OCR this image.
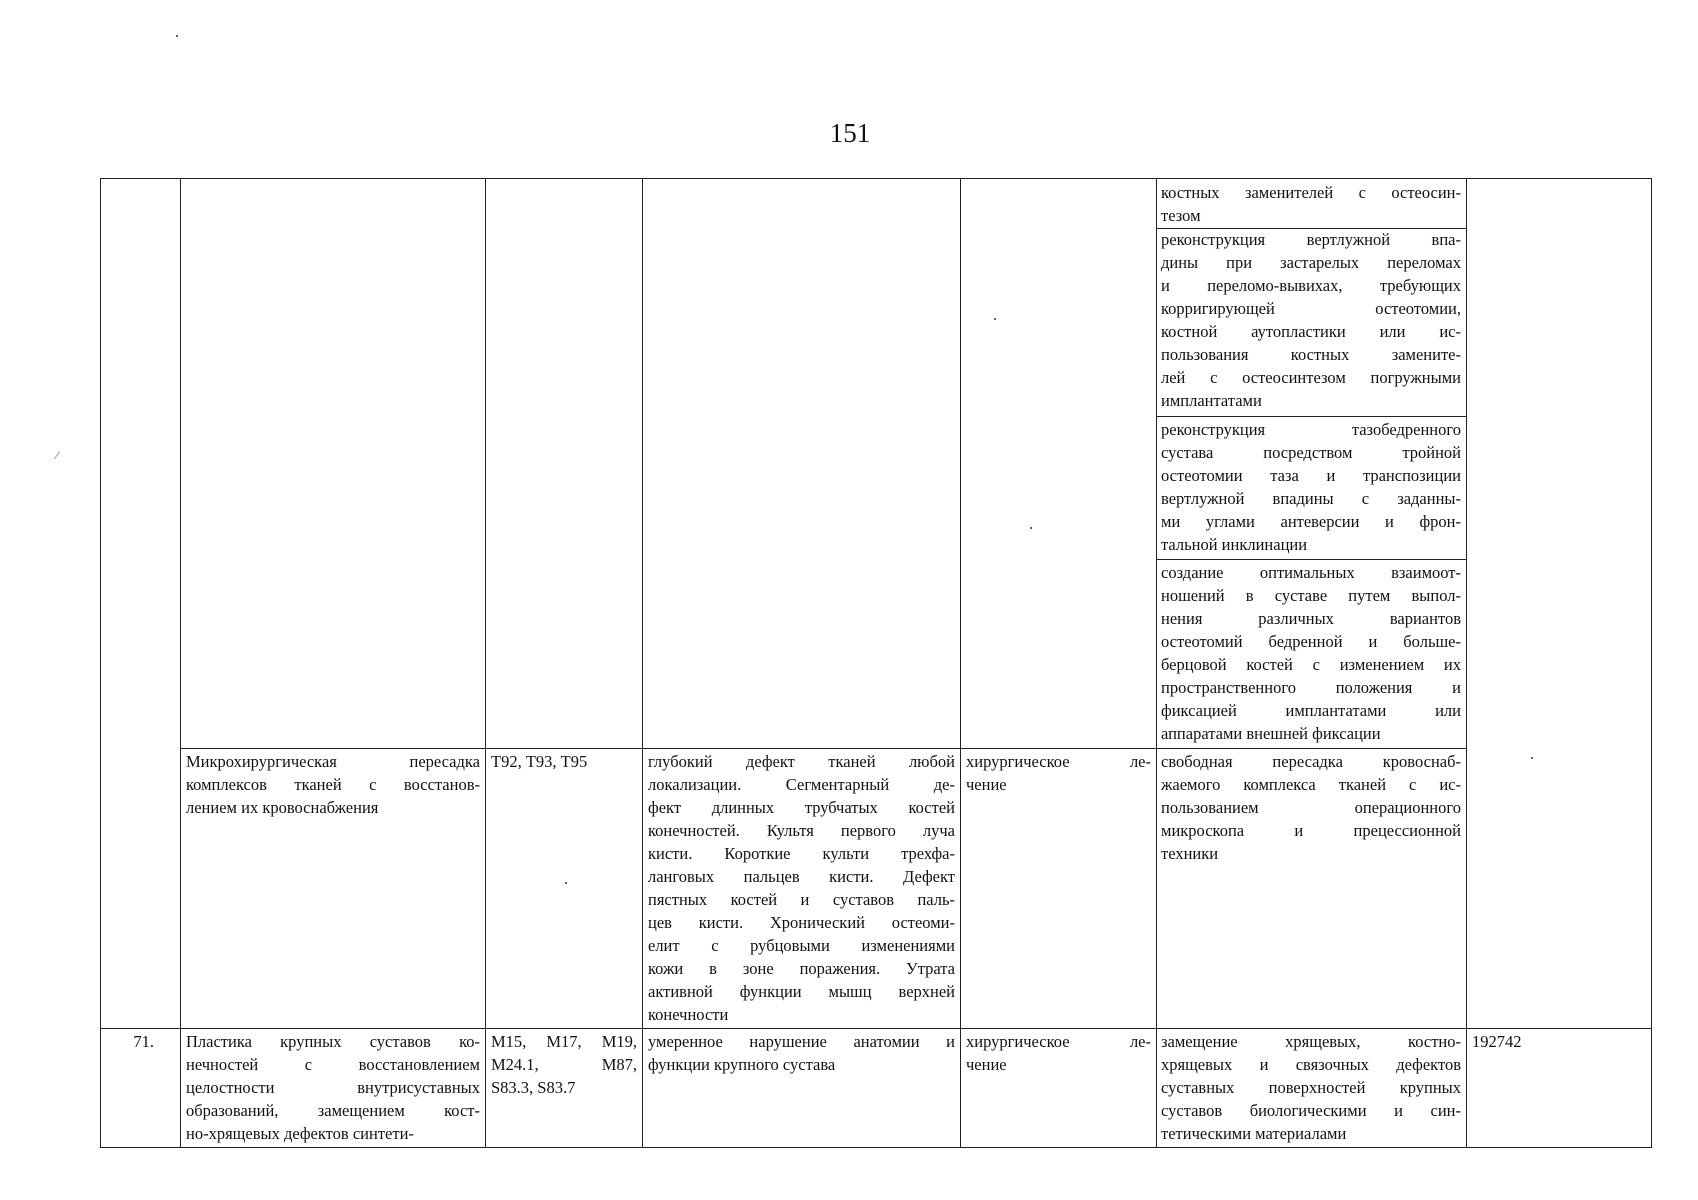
151
⁄
костных заменителей с остеосин-
тезом
реконструкция вертлужной впа-
дины при застарелых переломах
и переломо-вывихах, требующих
корригирующей остеотомии,
костной аутопластики или ис-
пользования костных замените-
лей с остеосинтезом погружными
имплантатами
реконструкция тазобедренного
сустава посредством тройной
остеотомии таза и транспозиции
вертлужной впадины с заданны-
ми углами антеверсии и фрон-
тальной инклинации
создание оптимальных взаимоот-
ношений в суставе путем выпол-
нения различных вариантов
остеотомий бедренной и больше-
берцовой костей с изменением их
пространственного положения и
фиксацией имплантатами или
аппаратами внешней фиксации
Микрохирургическая пересадка
комплексов тканей с восстанов-
лением их кровоснабжения
Т92, Т93, Т95	глубокий дефект тканей любой
локализации. Сегментарный де-
фект длинных трубчатых костей
конечностей. Культя первого луча
кисти. Короткие культи трехфа-
ланговых пальцев кисти. Дефект
пястных костей и суставов паль-
цев кисти. Хронический остеоми-
елит с рубцовыми изменениями
кожи в зоне поражения. Утрата
активной функции мышц верхней
конечности
хирургическое ле-
чение
свободная пересадка кровоснаб-
жаемого комплекса тканей с ис-
пользованием операционного
микроскопа и прецессионной
техники
71. Пластика крупных суставов ко-
нечностей с восстановлением
целостности внутрисуставных
образований, замещением кост-
но-хрящевых дефектов синтети-
М15, М17, М19,
М24.1, М87,
S83.3, S83.7
умеренное нарушение анатомии и
функции крупного сустава
хирургическое ле-
чение
замещение хрящевых, костно-
хрящевых и связочных дефектов
суставных поверхностей крупных
суставов биологическими и син-
тетическими материалами
192742
